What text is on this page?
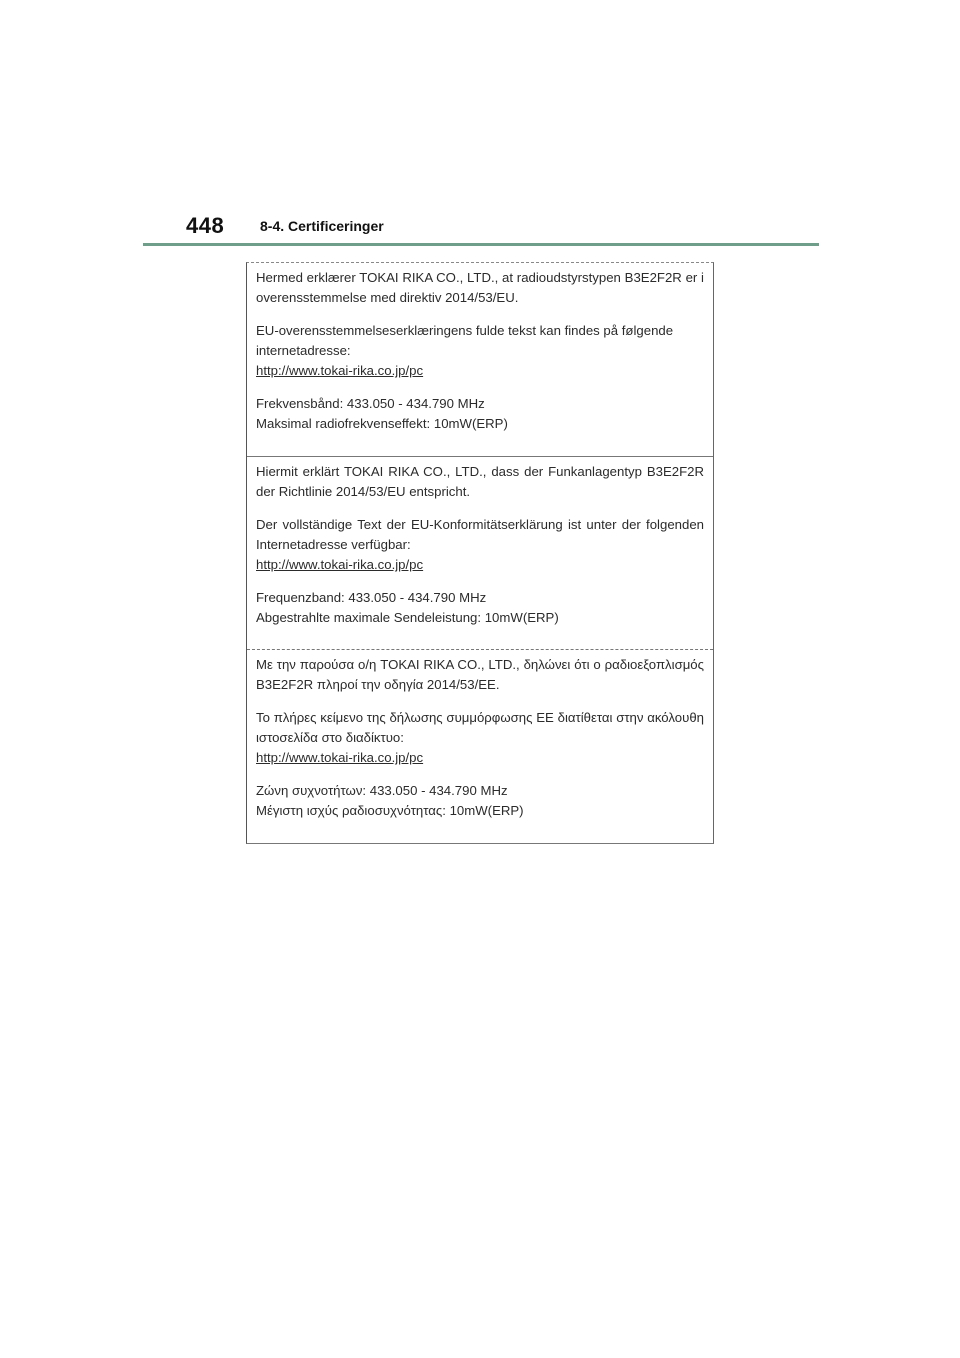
448	8-4. Certificeringer

Hermed erklærer TOKAI RIKA CO., LTD., at radioudstyrstypen B3E2F2R er i overensstemmelse med direktiv 2014/53/EU.

EU-overensstemmelseserklæringens fulde tekst kan findes på følgende internetadresse:

http://www.tokai-rika.co.jp/pc

Frekvensbånd: 433.050 - 434.790 MHz

Maksimal radiofrekvenseffekt: 10mW(ERP)

Hiermit erklärt TOKAI RIKA CO., LTD., dass der Funkanlagentyp B3E2F2R der Richtlinie 2014/53/EU entspricht.

Der vollständige Text der EU-Konformitätserklärung ist unter der folgenden Internetadresse verfügbar:

http://www.tokai-rika.co.jp/pc

Frequenzband: 433.050 - 434.790 MHz

Abgestrahlte maximale Sendeleistung: 10mW(ERP)

Με την παρούσα ο/η TOKAI RIKA CO., LTD., δηλώνει ότι ο ραδιοεξοπλισμός B3E2F2R πληροί την οδηγία 2014/53/ΕΕ.

Το πλήρες κείμενο της δήλωσης συμμόρφωσης ΕΕ διατίθεται στην ακόλουθη ιστοσελίδα στο διαδίκτυο:

http://www.tokai-rika.co.jp/pc

Ζώνη συχνοτήτων: 433.050 - 434.790 MHz

Μέγιστη ισχύς ραδιοσυχνότητας: 10mW(ERP)
